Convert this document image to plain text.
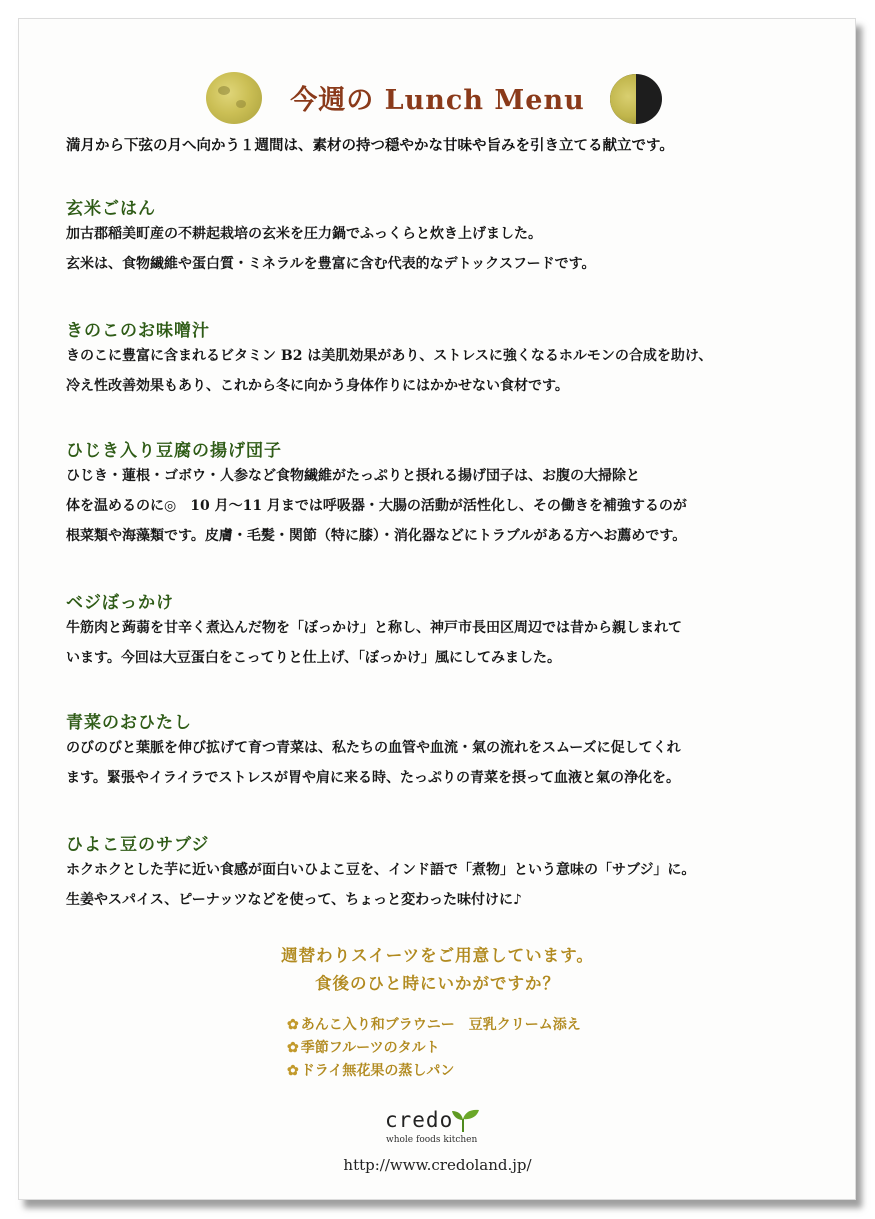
今週の Lunch Menu
満月から下弦の月へ向かう１週間は、素材の持つ穏やかな甘味や旨みを引き立てる献立です。
玄米ごはん

加古郡稲美町産の不耕起栽培の玄米を圧力鍋でふっくらと炊き上げました。

玄米は、食物繊維や蛋白質・ミネラルを豊富に含む代表的なデトックスフードです。

きのこのお味噌汁

きのこに豊富に含まれるビタミン B2 は美肌効果があり、ストレスに強くなるホルモンの合成を助け、

冷え性改善効果もあり、これから冬に向かう身体作りにはかかせない食材です。

ひじき入り豆腐の揚げ団子

ひじき・蓮根・ゴボウ・人参など食物繊維がたっぷりと摂れる揚げ団子は、お腹の大掃除と

体を温めるのに◎　10 月～11 月までは呼吸器・大腸の活動が活性化し、その働きを補強するのが

根菜類や海藻類です。皮膚・毛髪・関節（特に膝）・消化器などにトラブルがある方へお薦めです。

ベジぼっかけ

牛筋肉と蒟蒻を甘辛く煮込んだ物を「ぼっかけ」と称し、神戸市長田区周辺では昔から親しまれて

います。今回は大豆蛋白をこってりと仕上げ、「ぼっかけ」風にしてみました。

青菜のおひたし

のびのびと葉脈を伸び拡げて育つ青菜は、私たちの血管や血流・氣の流れをスムーズに促してくれ

ます。緊張やイライラでストレスが胃や肩に来る時、たっぷりの青菜を摂って血液と氣の浄化を。

ひよこ豆のサブジ

ホクホクとした芋に近い食感が面白いひよこ豆を、インド語で「煮物」という意味の「サブジ」に。

生姜やスパイス、ピーナッツなどを使って、ちょっと変わった味付けに♪

週替わりスイーツをご用意しています。
食後のひと時にいかがですか？
✿ あんこ入り和ブラウニー　豆乳クリーム添え
✿ 季節フルーツのタルト
✿ ドライ無花果の蒸しパン
credo
whole foods kitchen
http://www.credoland.jp/
